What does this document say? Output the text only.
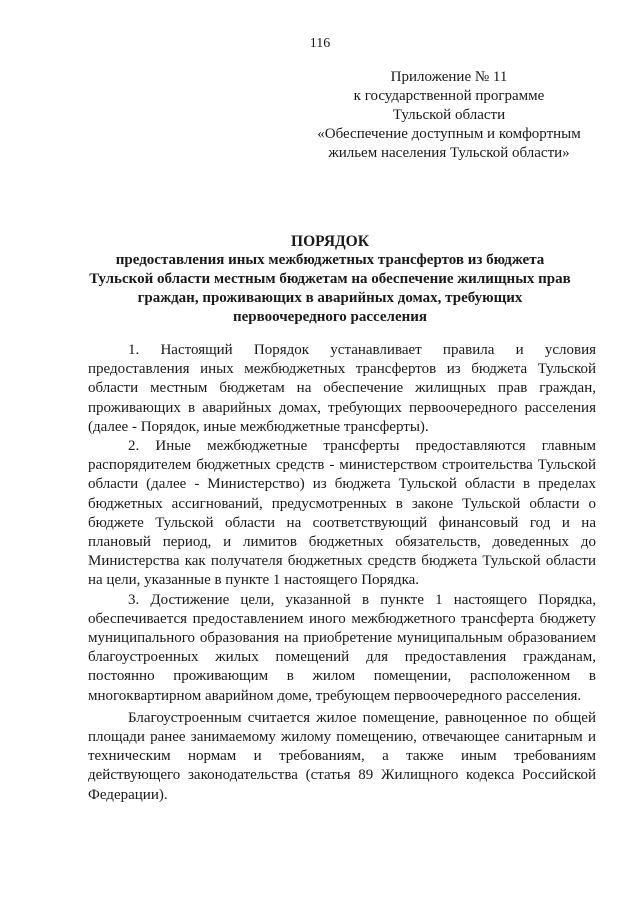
116
Приложение № 11
к государственной программе
Тульской области
«Обеспечение доступным и комфортным
жильем населения Тульской области»
ПОРЯДОК
предоставления иных межбюджетных трансфертов из бюджета
Тульской области местным бюджетам на обеспечение жилищных прав
граждан, проживающих в аварийных домах, требующих
первоочередного расселения

1. Настоящий Порядок устанавливает правила и условия предоставления иных межбюджетных трансфертов из бюджета Тульской области местным бюджетам на обеспечение жилищных прав граждан, проживающих в аварийных домах, требующих первоочередного расселения (далее - Порядок, иные межбюджетные трансферты).

2. Иные межбюджетные трансферты предоставляются главным распорядителем бюджетных средств - министерством строительства Тульской области (далее - Министерство) из бюджета Тульской области в пределах бюджетных ассигнований, предусмотренных в законе Тульской области о бюджете Тульской области на соответствующий финансовый год и на плановый период, и лимитов бюджетных обязательств, доведенных до Министерства как получателя бюджетных средств бюджета Тульской области на цели, указанные в пункте 1 настоящего Порядка.

3. Достижение цели, указанной в пункте 1 настоящего Порядка, обеспечивается предоставлением иного межбюджетного трансферта бюджету муниципального образования на приобретение муниципальным образованием благоустроенных жилых помещений для предоставления гражданам, постоянно проживающим в жилом помещении, расположенном в многоквартирном аварийном доме, требующем первоочередного расселения.

Благоустроенным считается жилое помещение, равноценное по общей площади ранее занимаемому жилому помещению, отвечающее санитарным и техническим нормам и требованиям, а также иным требованиям действующего законодательства (статья 89 Жилищного кодекса Российской Федерации).
